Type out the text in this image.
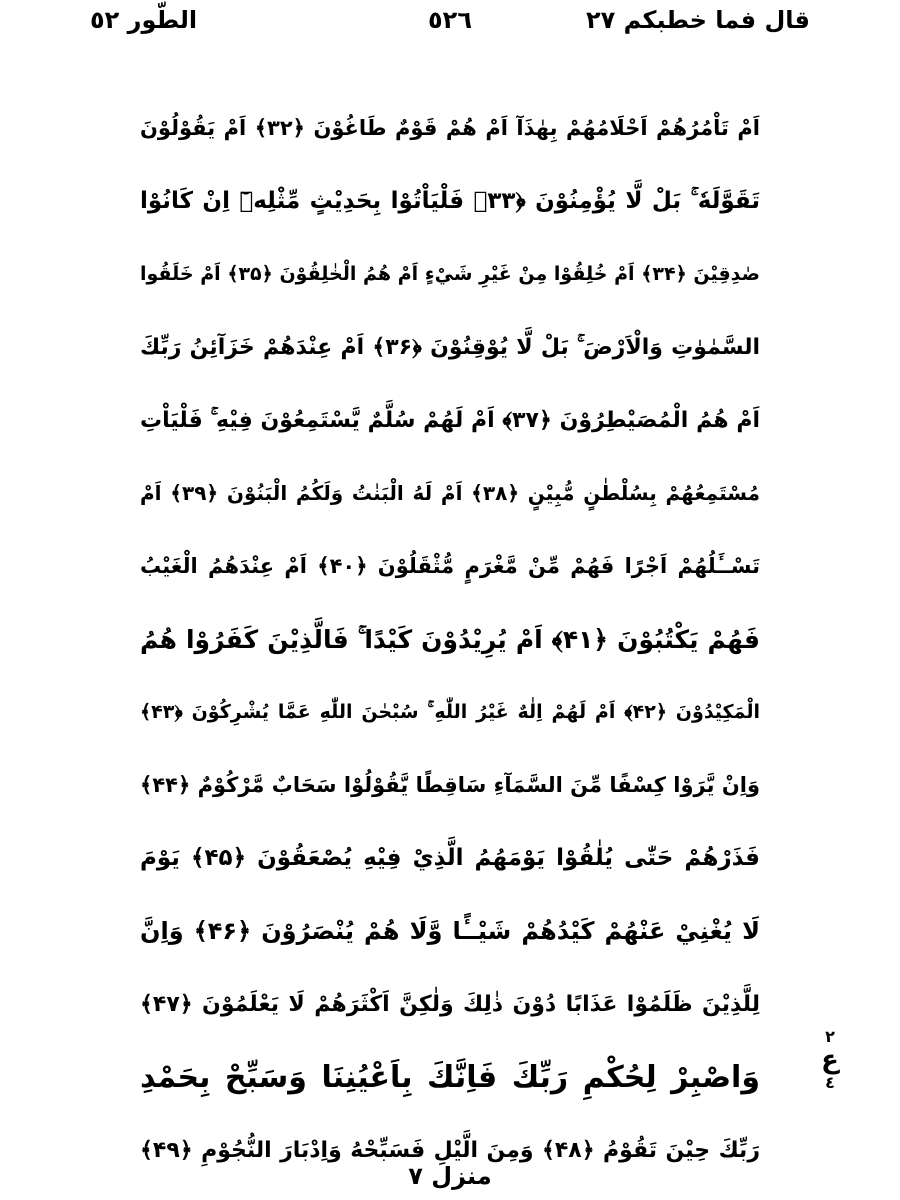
الطّور ٥٢	٥٢٦	قال فما خطبكم ٢٧
اَمْ تَاْمُرُهُمْ اَحْلَامُهُمْ بِهٰذَآ اَمْ هُمْ قَوْمٌ طَاغُوْنَ ﴿۳۲﴾ اَمْ يَقُوْلُوْنَ
تَقَوَّلَهٗ ۚ بَلْ لَّا يُؤْمِنُوْنَ ﴿۳۳﴾ فَلْيَاْتُوْا بِحَدِيْثٍ مِّثْلِهٖٓ اِنْ كَانُوْا
صٰدِقِيْنَ ﴿۳۴﴾ اَمْ خُلِقُوْا مِنْ غَيْرِ شَيْءٍ اَمْ هُمُ الْخٰلِقُوْنَ ﴿۳۵﴾ اَمْ خَلَقُوا
السَّمٰوٰتِ وَالْاَرْضَ ۚ بَلْ لَّا يُوْقِنُوْنَ ﴿۳۶﴾ اَمْ عِنْدَهُمْ خَزَآئِنُ رَبِّكَ
اَمْ هُمُ الْمُصَيْطِرُوْنَ ﴿۳۷﴾ اَمْ لَهُمْ سُلَّمٌ يَّسْتَمِعُوْنَ فِيْهِ ۚ فَلْيَاْتِ
مُسْتَمِعُهُمْ بِسُلْطٰنٍ مُّبِيْنٍ ﴿۳۸﴾ اَمْ لَهُ الْبَنٰتُ وَلَكُمُ الْبَنُوْنَ ﴿۳۹﴾ اَمْ
تَسْــَٔلُهُمْ اَجْرًا فَهُمْ مِّنْ مَّغْرَمٍ مُّثْقَلُوْنَ ﴿۴۰﴾ اَمْ عِنْدَهُمُ الْغَيْبُ
فَهُمْ يَكْتُبُوْنَ ﴿۴۱﴾ اَمْ يُرِيْدُوْنَ كَيْدًا ۚ فَالَّذِيْنَ كَفَرُوْا هُمُ
الْمَكِيْدُوْنَ ﴿۴۲﴾ اَمْ لَهُمْ اِلٰهٌ غَيْرُ اللّٰهِ ۚ سُبْحٰنَ اللّٰهِ عَمَّا يُشْرِكُوْنَ ﴿۴۳﴾
وَاِنْ يَّرَوْا كِسْفًا مِّنَ السَّمَآءِ سَاقِطًا يَّقُوْلُوْا سَحَابٌ مَّرْكُوْمٌ ﴿۴۴﴾
فَذَرْهُمْ حَتّٰى يُلٰقُوْا يَوْمَهُمُ الَّذِيْ فِيْهِ يُصْعَقُوْنَ ﴿۴۵﴾ يَوْمَ
لَا يُغْنِيْ عَنْهُمْ كَيْدُهُمْ شَيْــًٔا وَّلَا هُمْ يُنْصَرُوْنَ ﴿۴۶﴾ وَاِنَّ
لِلَّذِيْنَ ظَلَمُوْا عَذَابًا دُوْنَ ذٰلِكَ وَلٰكِنَّ اَكْثَرَهُمْ لَا يَعْلَمُوْنَ ﴿۴۷﴾
وَاصْبِرْ لِحُكْمِ رَبِّكَ فَاِنَّكَ بِاَعْيُنِنَا وَسَبِّحْ بِحَمْدِ
رَبِّكَ حِيْنَ تَقُوْمُ ﴿۴۸﴾ وَمِنَ الَّيْلِ فَسَبِّحْهُ وَاِدْبَارَ النُّجُوْمِ ﴿۴۹﴾
٢
ع
٤
منزل ۷
